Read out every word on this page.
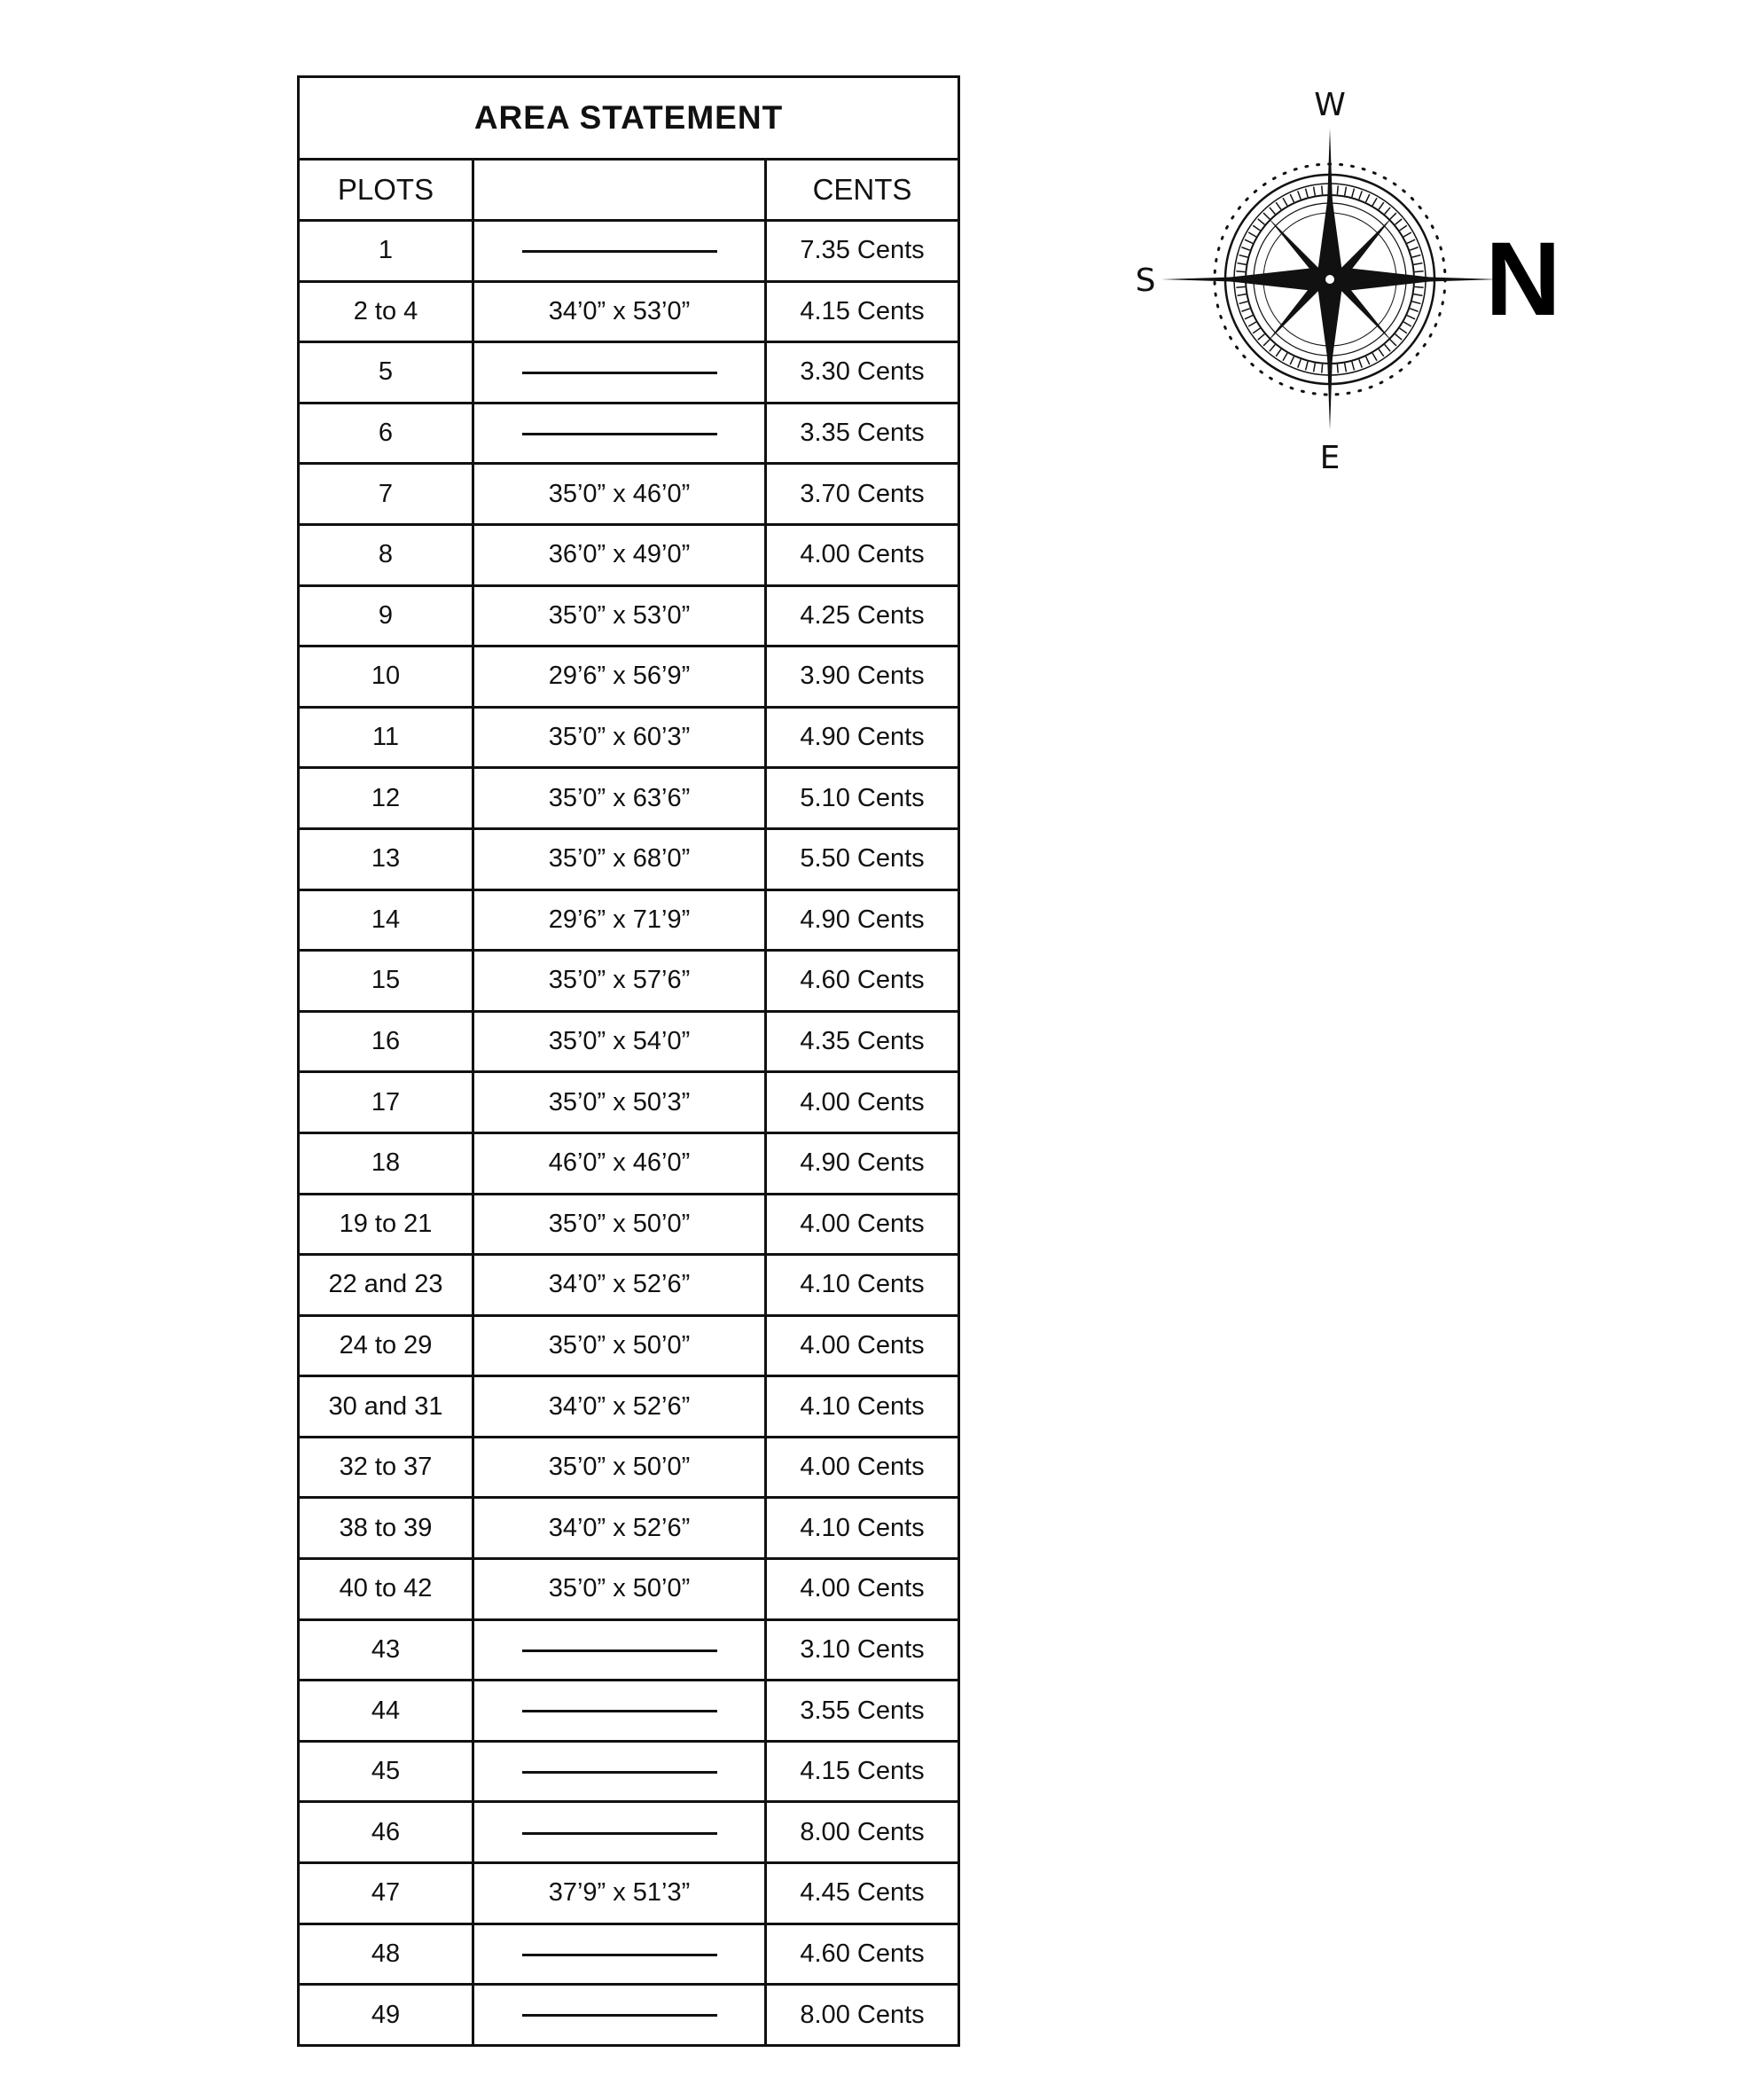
AREA STATEMENT		
PLOTS		CENTS
1		7.35 Cents
2 to 4	34’0” x 53’0”	4.15 Cents
5		3.30 Cents
6		3.35 Cents
7	35’0” x 46’0”	3.70 Cents
8	36’0” x 49’0”	4.00 Cents
9	35’0” x 53’0”	4.25 Cents
10	29’6” x 56’9”	3.90 Cents
11	35’0” x 60’3”	4.90 Cents
12	35’0” x 63’6”	5.10 Cents
13	35’0” x 68’0”	5.50 Cents
14	29’6” x 71’9”	4.90 Cents
15	35’0” x 57’6”	4.60 Cents
16	35’0” x 54’0”	4.35 Cents
17	35’0” x 50’3”	4.00 Cents
18	46’0” x 46’0”	4.90 Cents
19 to 21	35’0” x 50’0”	4.00 Cents
22 and 23	34’0” x 52’6”	4.10 Cents
24 to 29	35’0” x 50’0”	4.00 Cents
30 and 31	34’0” x 52’6”	4.10 Cents
32 to 37	35’0” x 50’0”	4.00 Cents
38 to 39	34’0” x 52’6”	4.10 Cents
40 to 42	35’0” x 50’0”	4.00 Cents
43		3.10 Cents
44		3.55 Cents
45		4.15 Cents
46		8.00 Cents
47	37’9” x 51’3”	4.45 Cents
48		4.60 Cents
49		8.00 Cents
W
S
E
N
